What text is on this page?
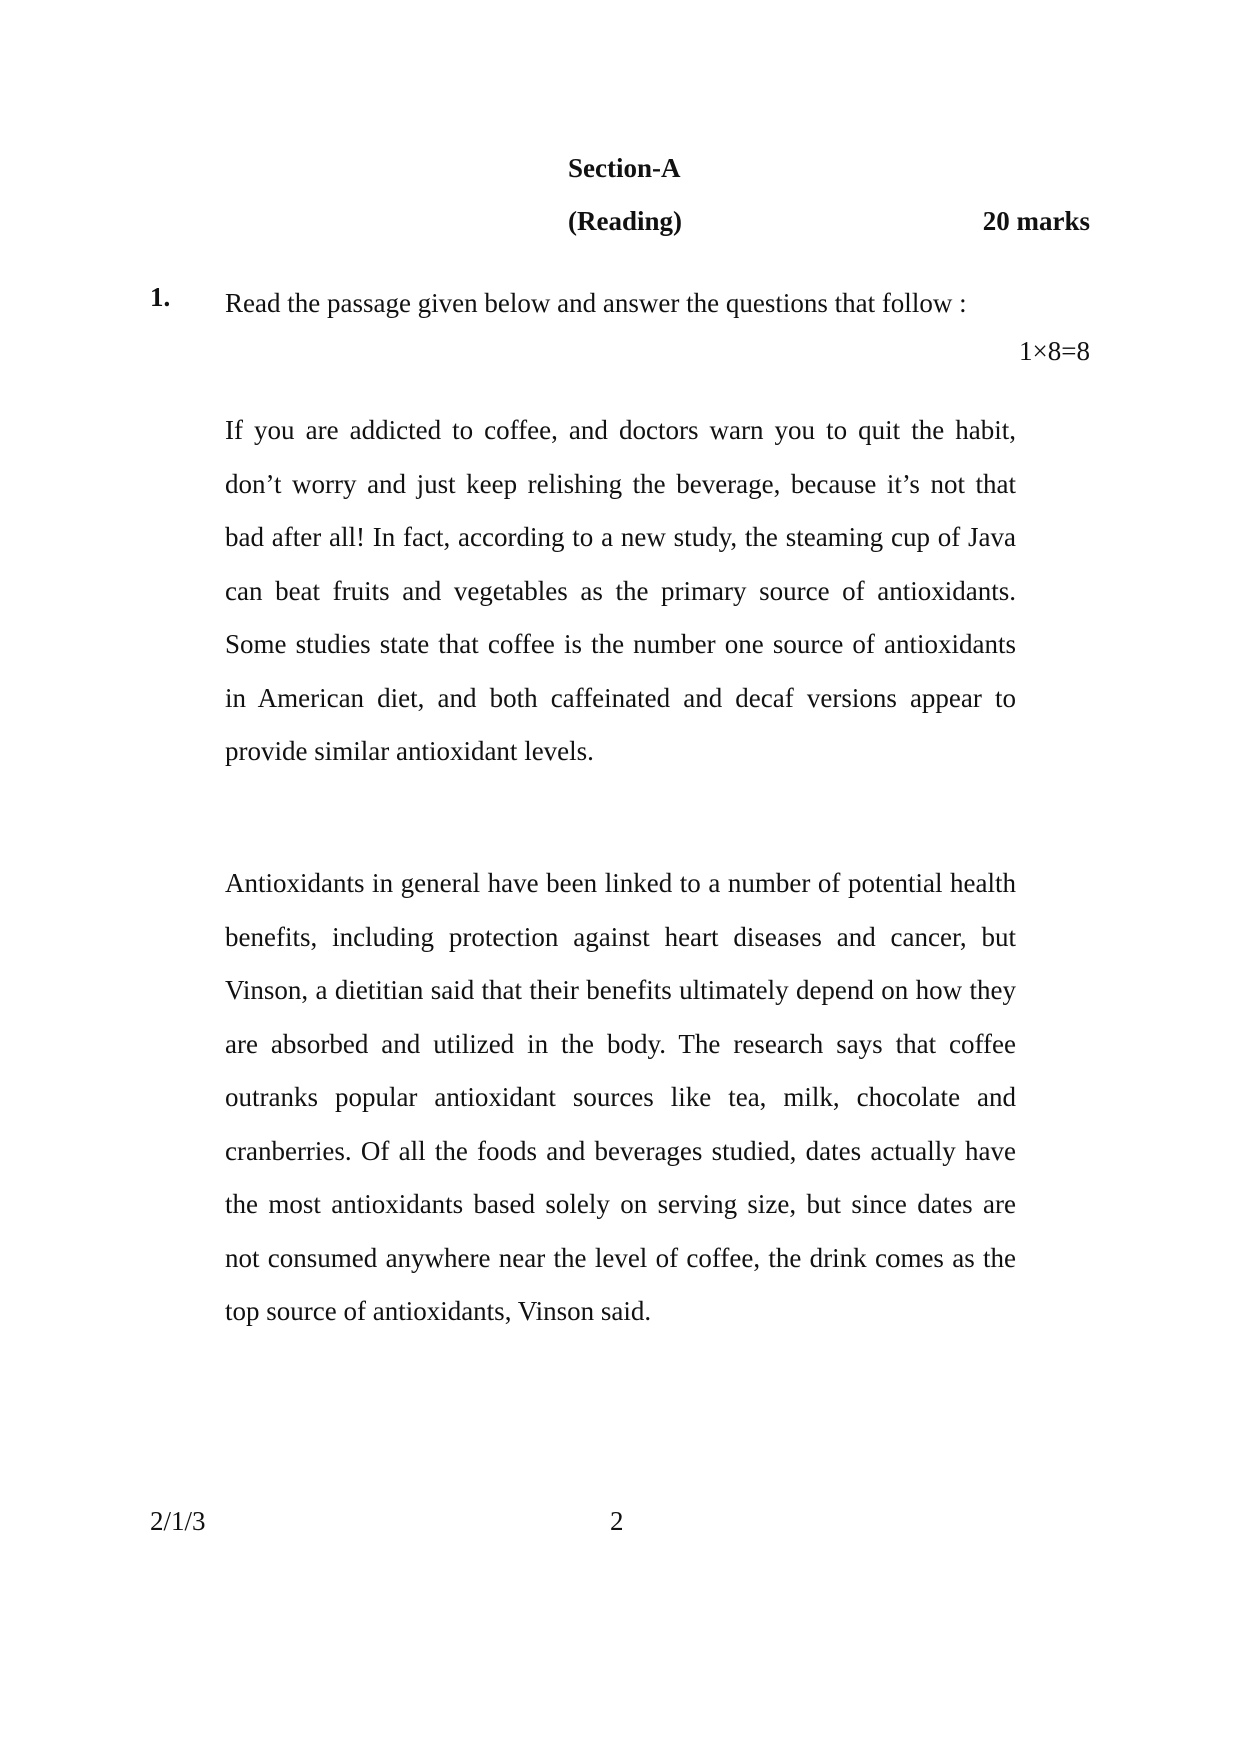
Section-A
(Reading)	20 marks
1. Read the passage given below and answer the questions that follow :
1×8=8

If you are addicted to coffee, and doctors warn you to quit the habit, don’t worry and just keep relishing the beverage, because it’s not that bad after all! In fact, according to a new study, the steaming cup of Java can beat fruits and vegetables as the primary source of antioxidants. Some studies state that coffee is the number one source of antioxidants in American diet, and both caffeinated and decaf versions appear to provide similar antioxidant levels.

Antioxidants in general have been linked to a number of potential health benefits, including protection against heart diseases and cancer, but Vinson, a dietitian said that their benefits ultimately depend on how they are absorbed and utilized in the body. The research says that coffee outranks popular antioxidant sources like tea, milk, chocolate and cranberries. Of all the foods and beverages studied, dates actually have the most antioxidants based solely on serving size, but since dates are not consumed anywhere near the level of coffee, the drink comes as the top source of antioxidants, Vinson said.

2/1/3	2
